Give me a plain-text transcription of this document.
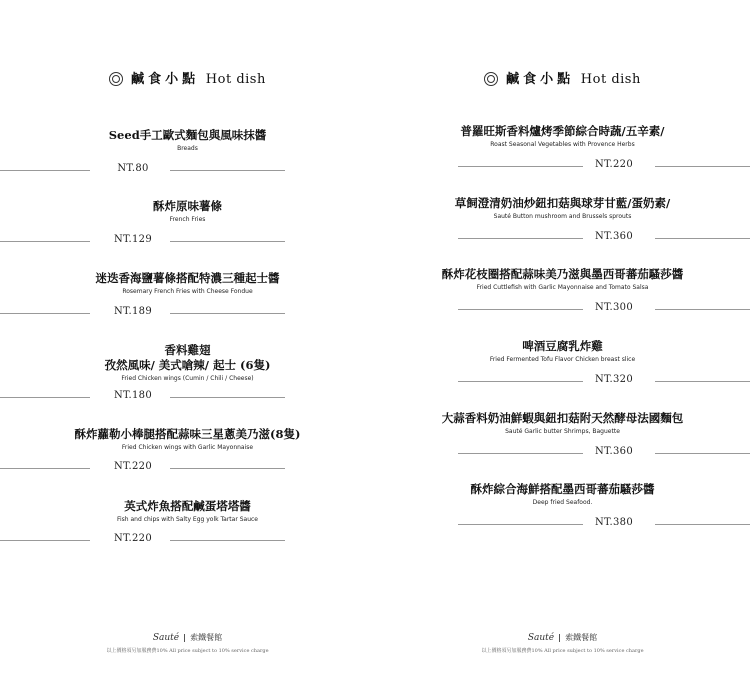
鹹食小點 Hot dish
Seed手工歐式麵包與風味抹醬
Breads
NT.80
酥炸原味薯條
French Fries
NT.129
迷迭香海鹽薯條搭配特濃三種起士醬
Rosemary French Fries with Cheese Fondue
NT.189
香料雞翅
孜然風味/ 美式嗆辣/ 起士 (6隻)
Fried Chicken wings (Cumin / Chili / Cheese)
NT.180
酥炸蘿勒小棒腿搭配蒜味三星蔥美乃滋(8隻)
Fried Chicken wings with Garlic Mayonnaise
NT.220
英式炸魚搭配鹹蛋塔塔醬
Fish and chips with Salty Egg yolk Tartar Sauce
NT.220
Sauté 索鐵餐館
以上價格須另加服務費10% All price subject to 10% service charge
鹹食小點 Hot dish
普羅旺斯香料爐烤季節綜合時蔬/五辛素/
Roast Seasonal Vegetables with Provence Herbs
NT.220
草飼澄清奶油炒鈕扣菇與球芽甘藍/蛋奶素/
Sauté Button mushroom and Brussels sprouts
NT.360
酥炸花枝圈搭配蒜味美乃滋與墨西哥蕃茄騷莎醬
Fried Cuttlefish with Garlic Mayonnaise and Tomato Salsa
NT.300
啤酒豆腐乳炸雞
Fried Fermented Tofu Flavor Chicken breast slice
NT.320
大蒜香料奶油鮮蝦與鈕扣菇附天然酵母法國麵包
Sauté Garlic butter Shrimps, Baguette
NT.360
酥炸綜合海鮮搭配墨西哥蕃茄騷莎醬
Deep fried Seafood.
NT.380
Sauté 索鐵餐館
以上價格須另加服務費10% All price subject to 10% service charge
